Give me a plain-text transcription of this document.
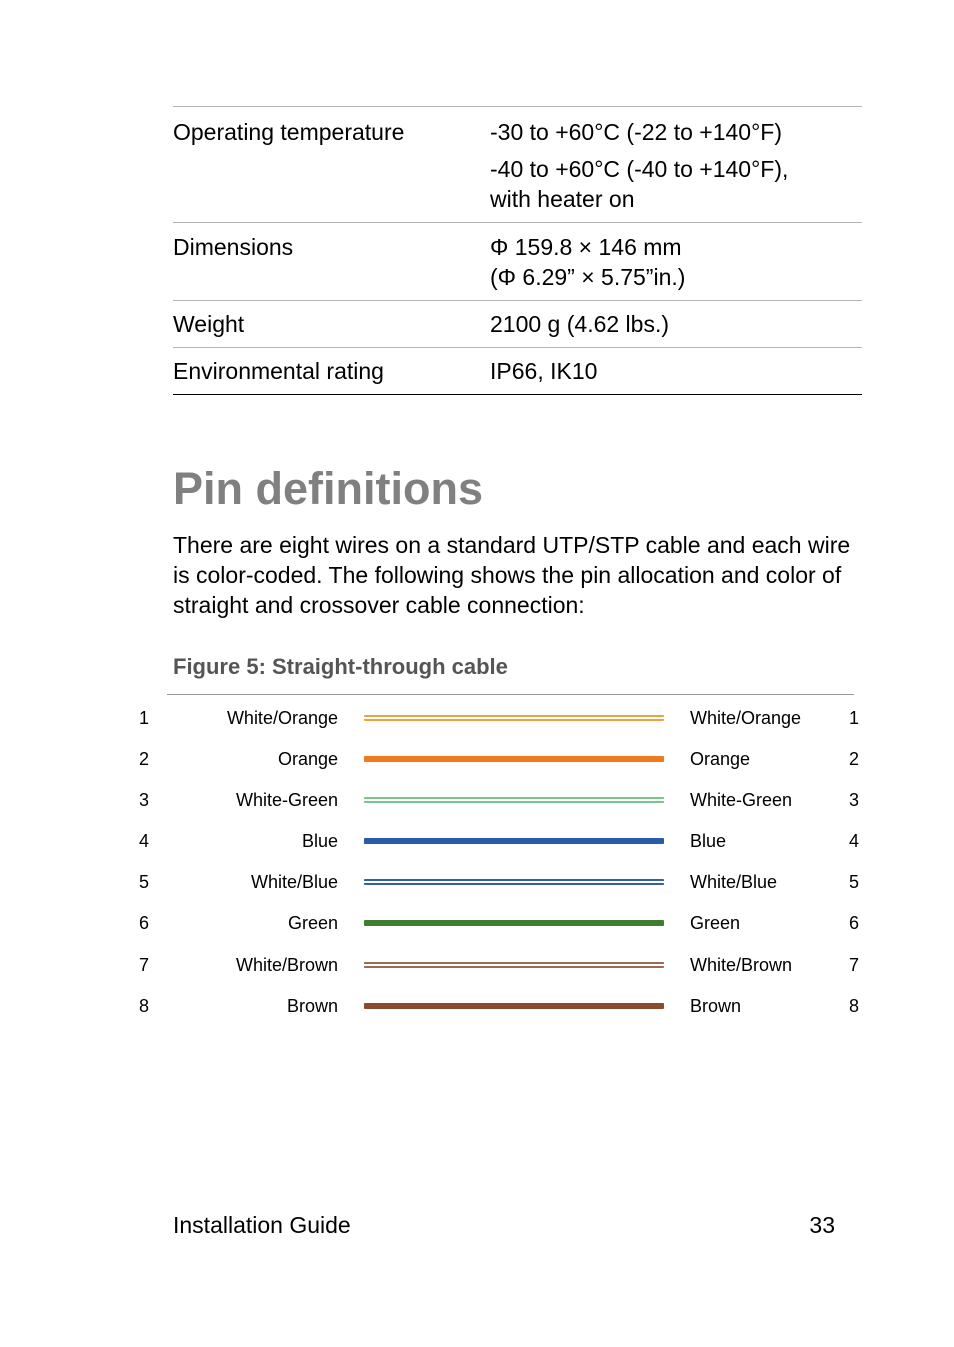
Operating temperature	-30 to +60°C (-22 to +140°F)

-40 to +60°C (-40 to +140°F),
with heater on

Dimensions	Φ 159.8 × 146 mm
(Φ 6.29” × 5.75”in.)

Weight	2100 g (4.62 lbs.)

Environmental rating	IP66, IK10

Pin definitions

There are eight wires on a standard UTP/STP cable and each wire is color-coded. The following shows the pin allocation and color of straight and crossover cable connection:

Figure 5: Straight-through cable

1	White/Orange	White/Orange	1
2	Orange	Orange	2
3	White-Green	White-Green	3
4	Blue	Blue	4
5	White/Blue	White/Blue	5
6	Green	Green	6
7	White/Brown	White/Brown	7
8	Brown	Brown	8
Installation Guide	33
